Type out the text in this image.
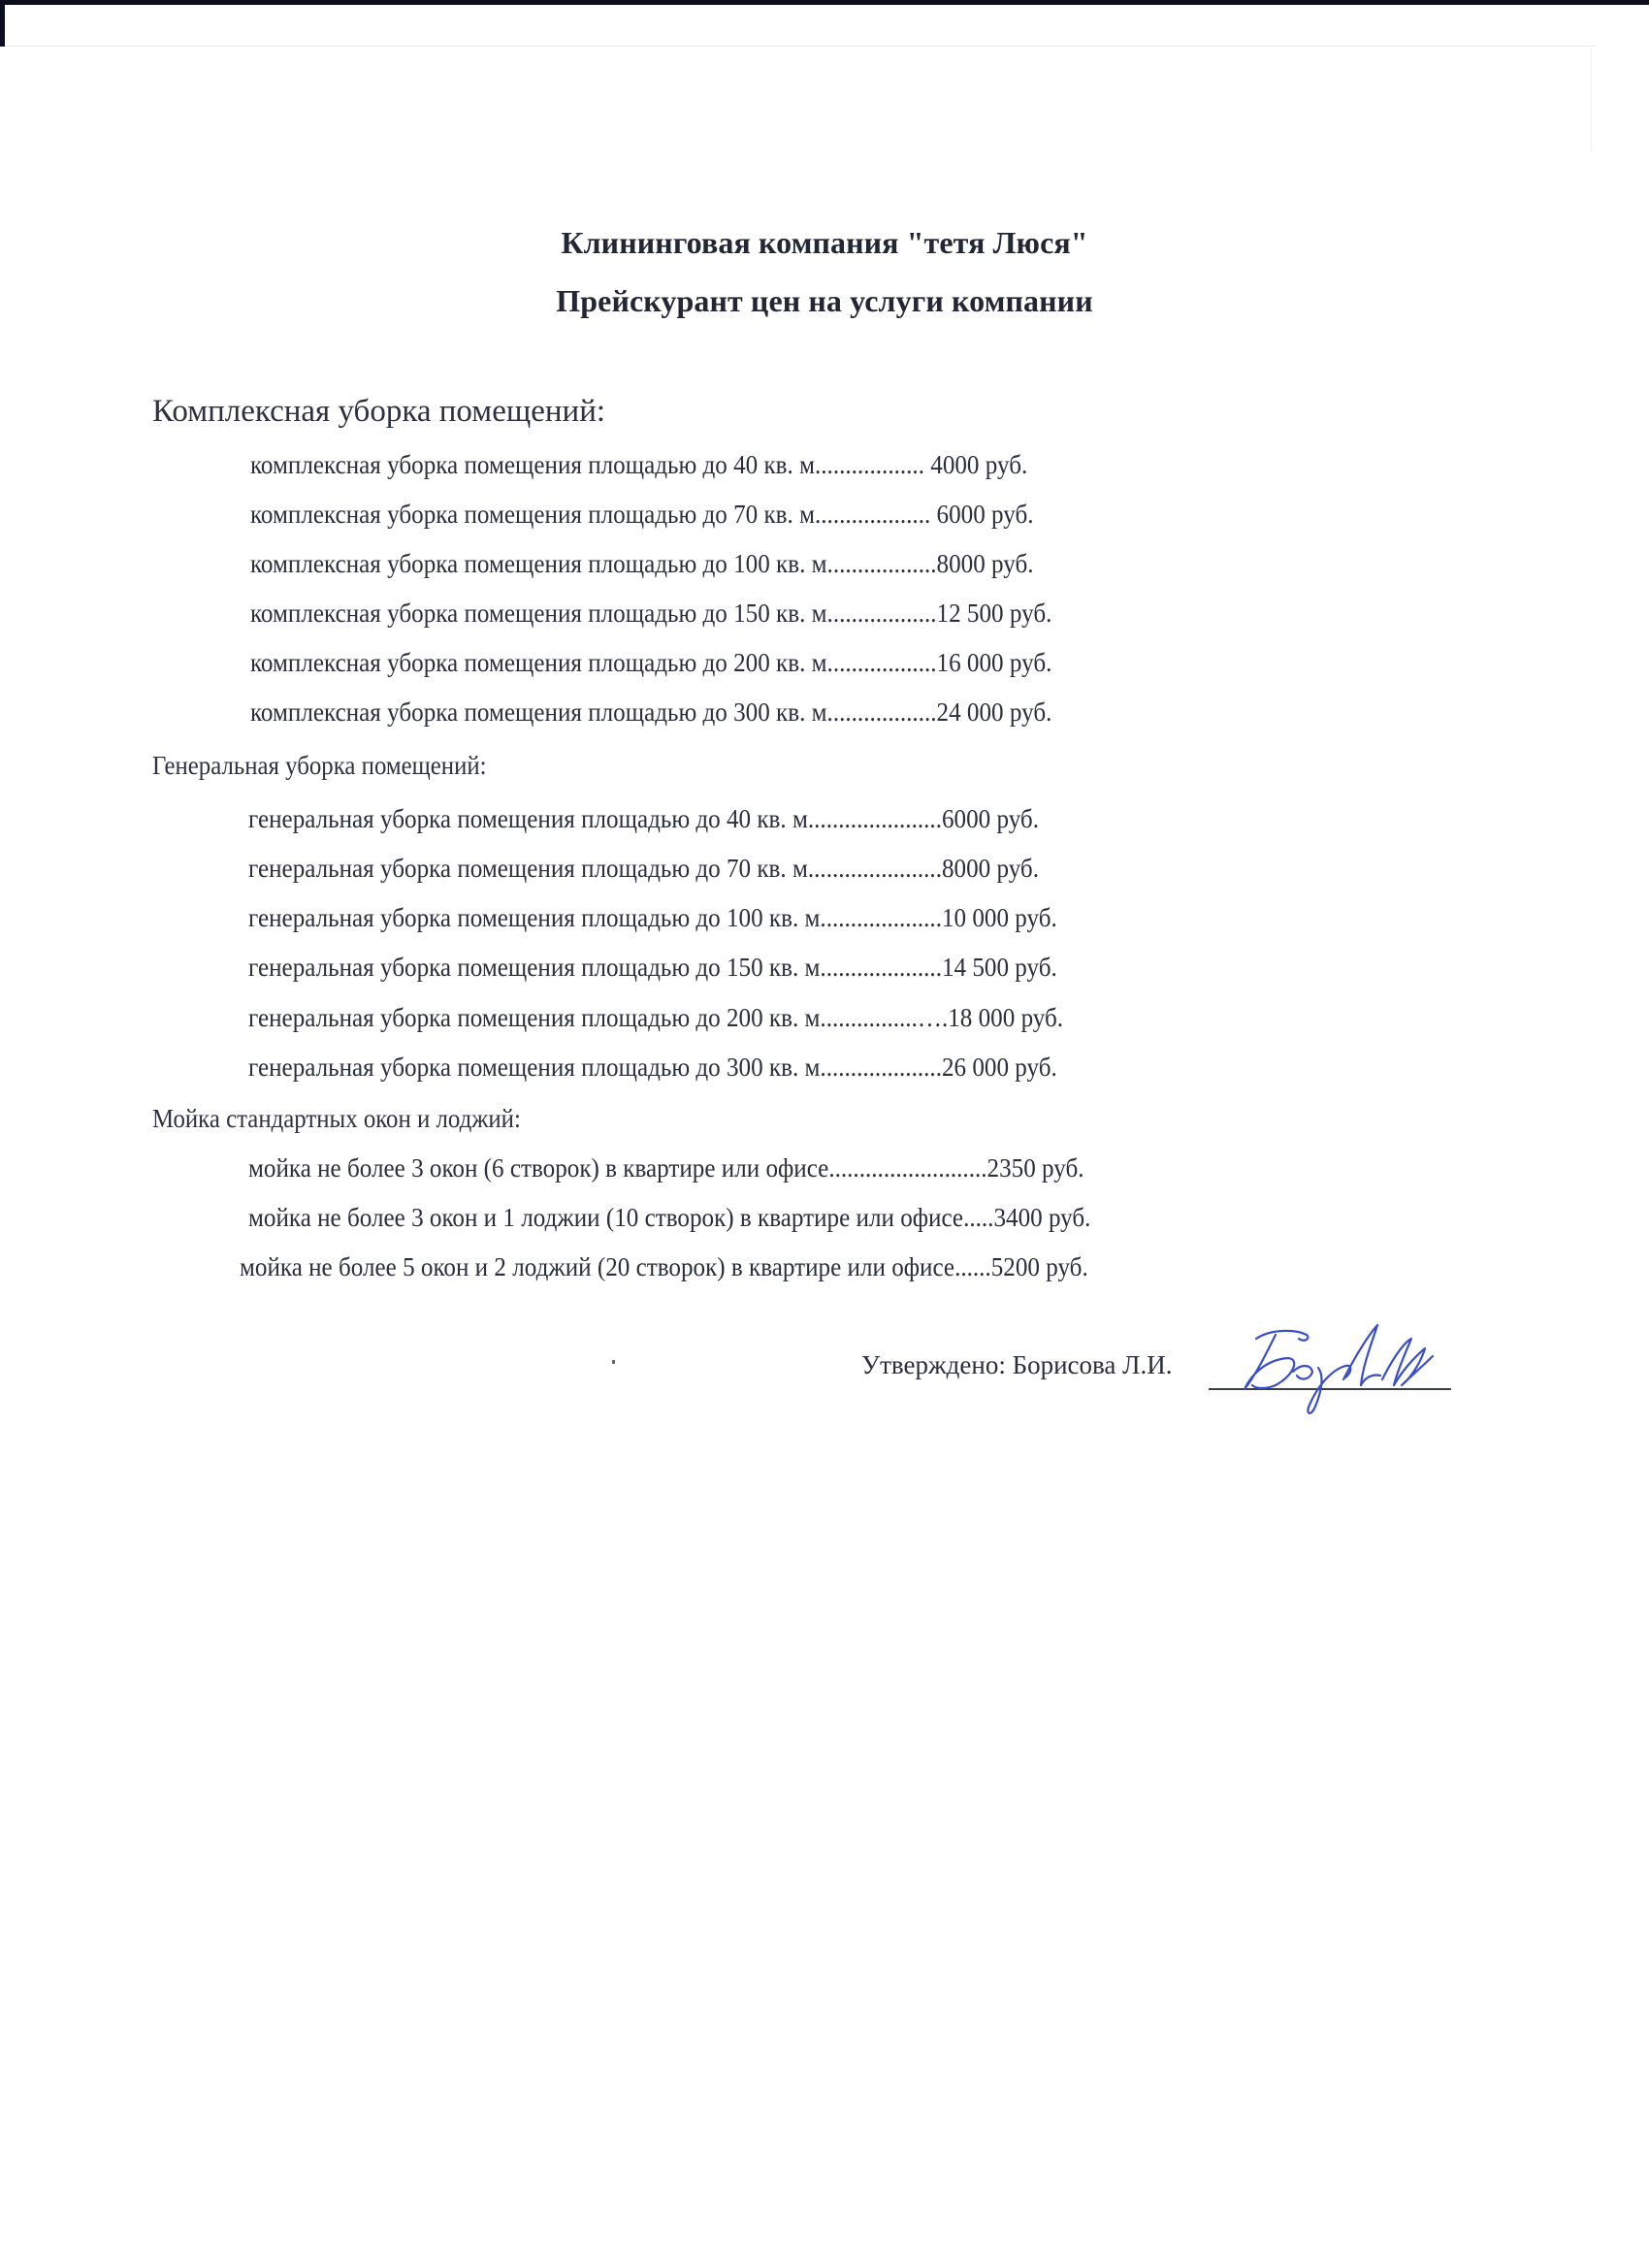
Клининговая компания "тетя Люся"
Прейскурант цен на услуги компании
Комплексная уборка помещений:
комплексная уборка помещения площадью до 40 кв. м.................. 4000 руб.
комплексная уборка помещения площадью до 70 кв. м................... 6000 руб.
комплексная уборка помещения площадью до 100 кв. м..................8000 руб.
комплексная уборка помещения площадью до 150 кв. м..................12 500 руб.
комплексная уборка помещения площадью до 200 кв. м..................16 000 руб.
комплексная уборка помещения площадью до 300 кв. м..................24 000 руб.
Генеральная уборка помещений:
генеральная уборка помещения площадью до 40 кв. м......................6000 руб.
генеральная уборка помещения площадью до 70 кв. м......................8000 руб.
генеральная уборка помещения площадью до 100 кв. м....................10 000 руб.
генеральная уборка помещения площадью до 150 кв. м....................14 500 руб.
генеральная уборка помещения площадью до 200 кв. м................….18 000 руб.
генеральная уборка помещения площадью до 300 кв. м....................26 000 руб.
Мойка стандартных окон и лоджий:
мойка не более 3 окон (6 створок) в квартире или офисе..........................2350 руб.
мойка не более 3 окон и 1 лоджии (10 створок) в квартире или офисе.....3400 руб.
мойка не более 5 окон и 2 лоджий (20 створок) в квартире или офисе......5200 руб.
Утверждено: Борисова Л.И.
